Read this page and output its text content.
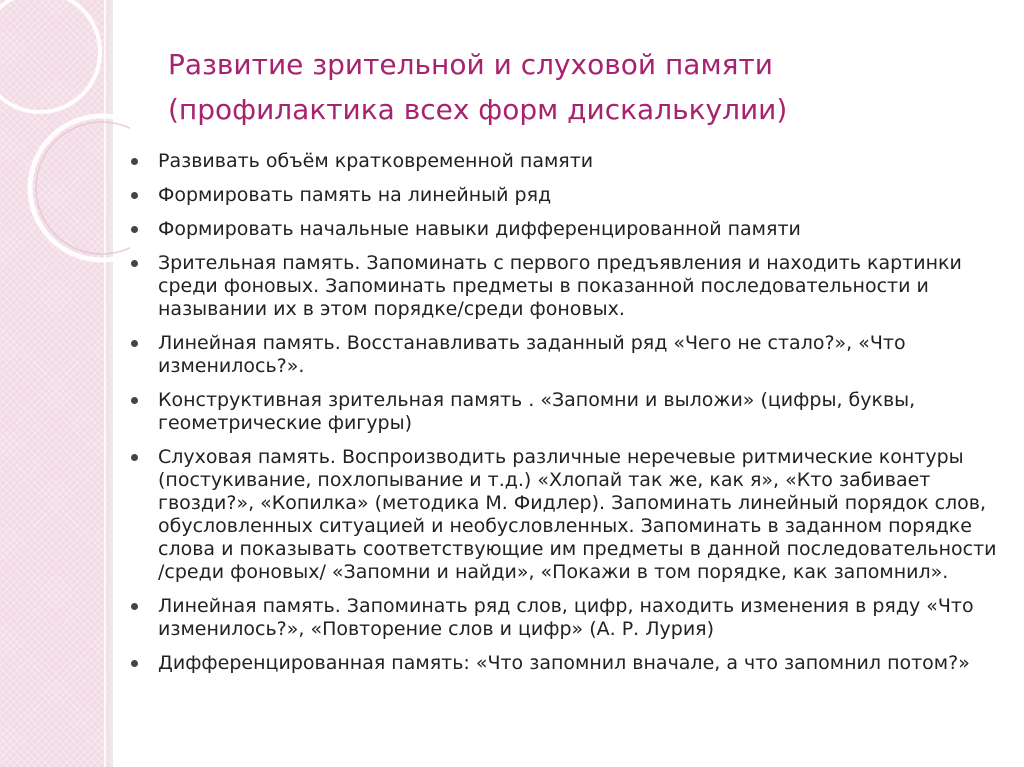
Развитие зрительной и слуховой памяти
(профилактика всех форм дискалькулии)
Развивать объём кратковременной памяти
Формировать память на линейный ряд
Формировать начальные навыки дифференцированной памяти
Зрительная память. Запоминать с первого предъявления и находить картинки среди фоновых. Запоминать предметы в показанной последовательности и назывании их в этом порядке/среди фоновых.
Линейная память. Восстанавливать заданный ряд «Чего не стало?», «Что изменилось?».
Конструктивная зрительная память . «Запомни и выложи» (цифры, буквы, геометрические фигуры)
Слуховая память. Воспроизводить различные неречевые ритмические контуры (постукивание, похлопывание и т.д.) «Хлопай так же, как я», «Кто забивает гвозди?», «Копилка» (методика М. Фидлер). Запоминать линейный порядок слов, обусловленных ситуацией и необусловленных. Запоминать в заданном порядке слова и показывать соответствующие им предметы в данной последовательности /среди фоновых/ «Запомни и найди», «Покажи в том порядке, как запомнил».
Линейная память. Запоминать ряд слов, цифр, находить изменения в ряду «Что изменилось?», «Повторение слов и цифр» (А. Р. Лурия)
Дифференцированная память: «Что запомнил вначале, а что запомнил потом?»
